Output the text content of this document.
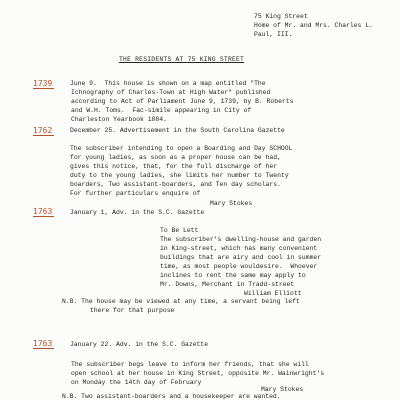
75 King Street
Home of Mr. and Mrs. Charles L.
Paul, III.
THE RESIDENTS AT 75 KING STREET
1739	June 9.  This house is shown on a map entitled "The
Ichnography of Charles-Town at High Water" published
according to Act of Parliament June 9, 1739, by B. Roberts
and W.H. Toms.  Fac-simile appearing in City of
Charleston Yearbook 1884.
1762	December 25. Advertisement in the South Carolina Gazette
The subscriber intending to open a Boarding and Day SCHOOL
for young ladies, as soon as a proper house can be had,
gives this notice, that, for the full discharge of her
duty to the young ladies, she limits her number to Twenty
boarders, Two assistant-boarders, and Ten day scholars.
For further particulars enquire of
Mary Stokes
1763	January 1, Adv. in the S.C. Gazette
To Be Lett
The subscriber's dwelling-house and garden
in King-street, which has many convenient
buildings that are airy and cool in summer
time, as most people wouldesire.  Whoever
inclines to rent the same may apply to
Mr. Downs, Merchant in Tradd-street
William Elliott
N.B. The house may be viewed at any time, a servant being left
there for that purpose
1763	January 22. Adv. in the S.C. Gazette
The subscriber begs leave to inform her friends, that she will
open school at her house in King Street, opposite Mr. Wainwright's
on Monday the 14th day of February
Mary Stokes
N.B. Two assistant-boarders and a housekeeper are wanted.
